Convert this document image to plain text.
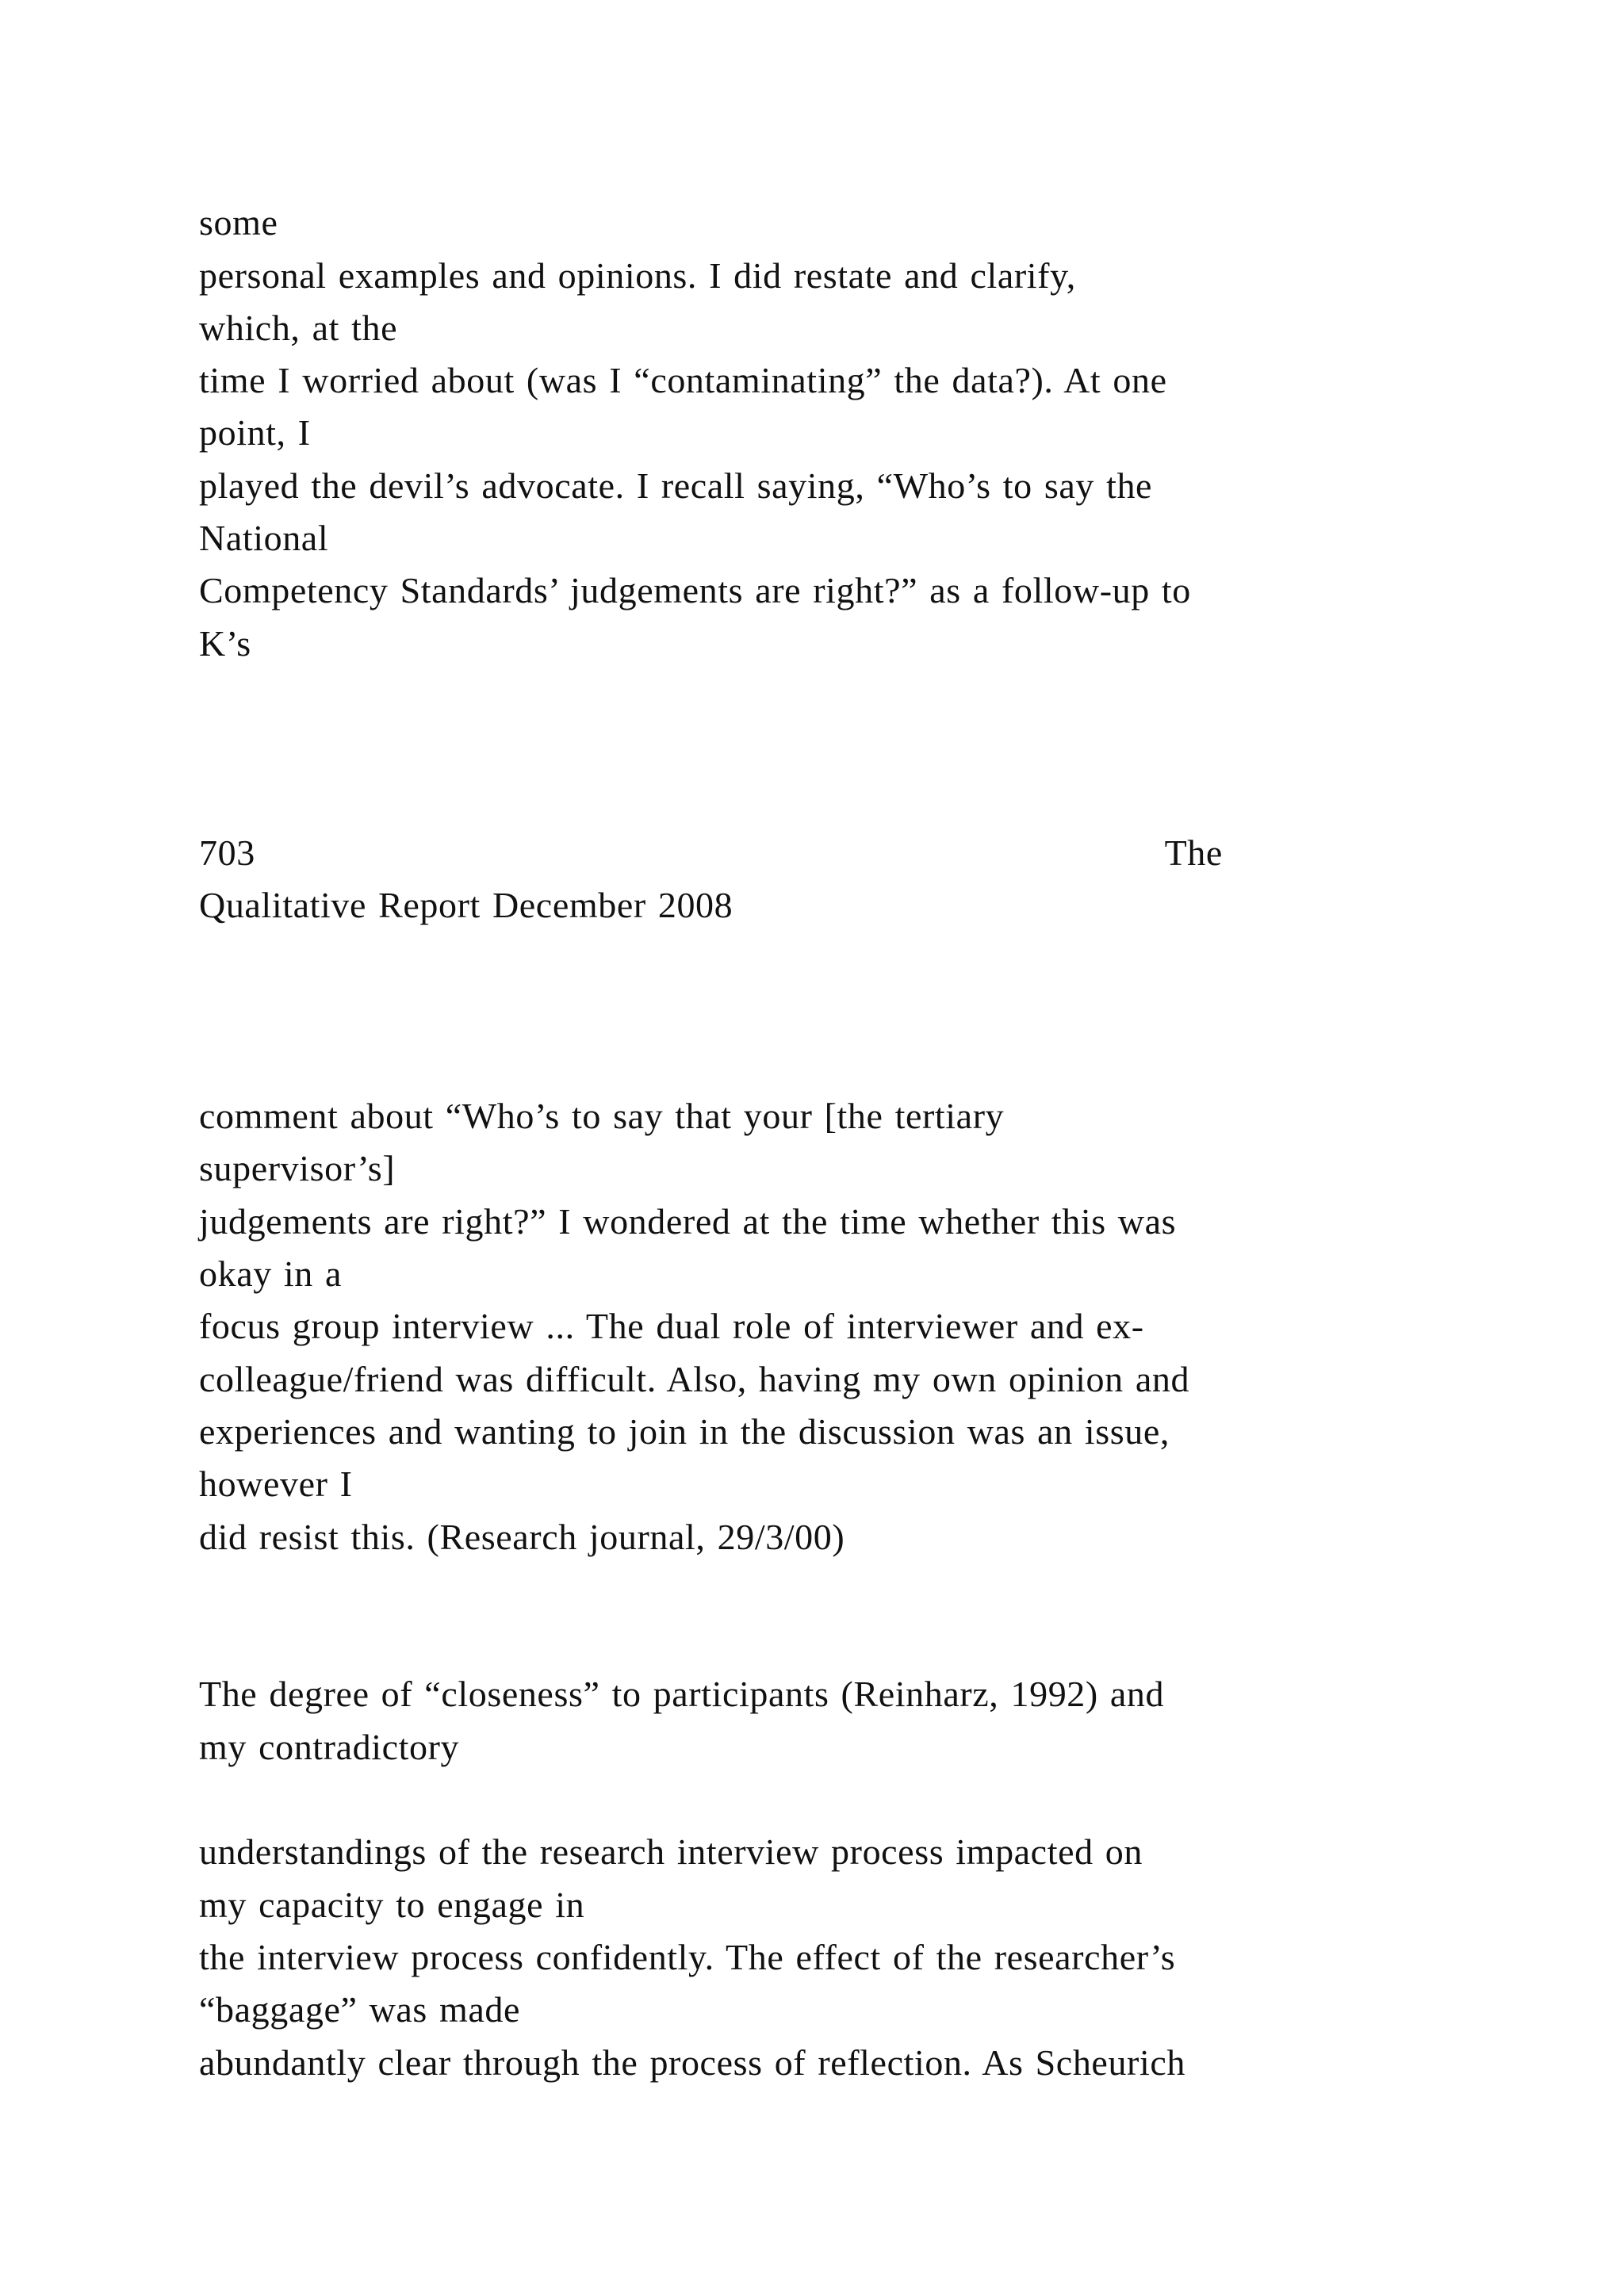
some
personal examples and opinions. I did restate and clarify,
which, at the
time I worried about (was I “contaminating” the data?). At one
point, I
played the devil’s advocate. I recall saying, “Who’s to say the
National
Competency Standards’ judgements are right?” as a follow-up to
K’s
703                                                                            The
Qualitative Report December 2008
comment about “Who’s to say that your [the tertiary
supervisor’s]
judgements are right?” I wondered at the time whether this was
okay in a
focus group interview ... The dual role of interviewer and ex-
colleague/friend was difficult. Also, having my own opinion and
experiences and wanting to join in the discussion was an issue,
however I
did resist this. (Research journal, 29/3/00)
The degree of “closeness” to participants (Reinharz, 1992) and
my contradictory
understandings of the research interview process impacted on
my capacity to engage in
the interview process confidently. The effect of the researcher’s
“baggage” was made
abundantly clear through the process of reflection. As Scheurich
